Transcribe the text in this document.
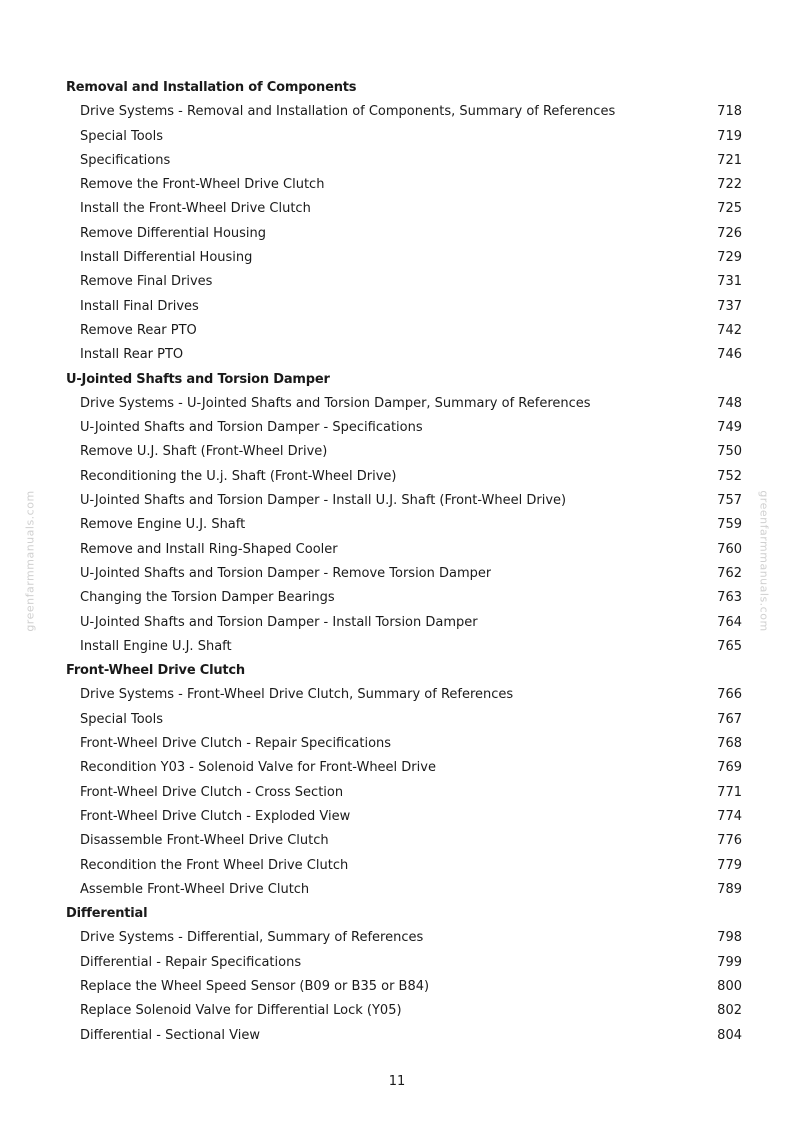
Removal and Installation of Components
Drive Systems - Removal and Installation of Components, Summary of References	718
Special Tools	719
Specifications	721
Remove the Front-Wheel Drive Clutch	722
Install the Front-Wheel Drive Clutch	725
Remove Differential Housing	726
Install Differential Housing	729
Remove Final Drives	731
Install Final Drives	737
Remove Rear PTO	742
Install Rear PTO	746
U-Jointed Shafts and Torsion Damper
Drive Systems - U-Jointed Shafts and Torsion Damper, Summary of References	748
U-Jointed Shafts and Torsion Damper - Specifications	749
Remove U.J. Shaft (Front-Wheel Drive)	750
Reconditioning the U.j. Shaft (Front-Wheel Drive)	752
U-Jointed Shafts and Torsion Damper - Install U.J. Shaft (Front-Wheel Drive)	757
Remove Engine U.J. Shaft	759
Remove and Install Ring-Shaped Cooler	760
U-Jointed Shafts and Torsion Damper - Remove Torsion Damper	762
Changing the Torsion Damper Bearings	763
U-Jointed Shafts and Torsion Damper - Install Torsion Damper	764
Install Engine U.J. Shaft	765
Front-Wheel Drive Clutch
Drive Systems - Front-Wheel Drive Clutch, Summary of References	766
Special Tools	767
Front-Wheel Drive Clutch - Repair Specifications	768
Recondition Y03 - Solenoid Valve for Front-Wheel Drive	769
Front-Wheel Drive Clutch - Cross Section	771
Front-Wheel Drive Clutch - Exploded View	774
Disassemble Front-Wheel Drive Clutch	776
Recondition the Front Wheel Drive Clutch	779
Assemble Front-Wheel Drive Clutch	789
Differential
Drive Systems - Differential, Summary of References	798
Differential - Repair Specifications	799
Replace the Wheel Speed Sensor (B09 or B35 or B84)	800
Replace Solenoid Valve for Differential Lock (Y05)	802
Differential - Sectional View	804
greenfarmmanuals.com	greenfarmmanuals.com
11
